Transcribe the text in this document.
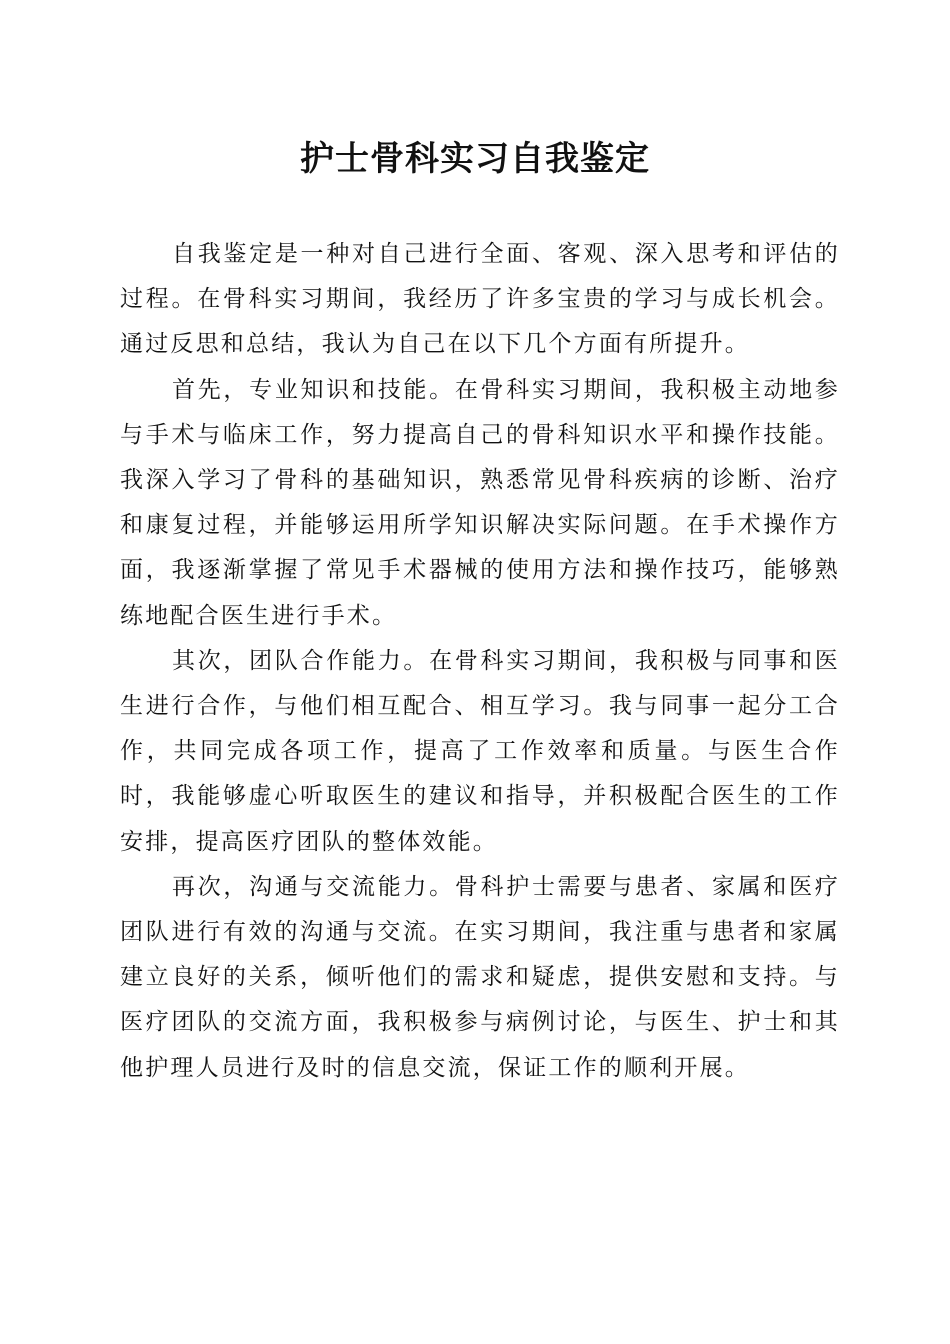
护士骨科实习自我鉴定

自我鉴定是一种对自己进行全面、客观、深入思考和评估的过程。在骨科实习期间，我经历了许多宝贵的学习与成长机会。通过反思和总结，我认为自己在以下几个方面有所提升。

首先，专业知识和技能。在骨科实习期间，我积极主动地参与手术与临床工作，努力提高自己的骨科知识水平和操作技能。我深入学习了骨科的基础知识，熟悉常见骨科疾病的诊断、治疗和康复过程，并能够运用所学知识解决实际问题。在手术操作方面，我逐渐掌握了常见手术器械的使用方法和操作技巧，能够熟练地配合医生进行手术。

其次，团队合作能力。在骨科实习期间，我积极与同事和医生进行合作，与他们相互配合、相互学习。我与同事一起分工合作，共同完成各项工作，提高了工作效率和质量。与医生合作时，我能够虚心听取医生的建议和指导，并积极配合医生的工作安排，提高医疗团队的整体效能。

再次，沟通与交流能力。骨科护士需要与患者、家属和医疗团队进行有效的沟通与交流。在实习期间，我注重与患者和家属建立良好的关系，倾听他们的需求和疑虑，提供安慰和支持。与医疗团队的交流方面，我积极参与病例讨论，与医生、护士和其他护理人员进行及时的信息交流，保证工作的顺利开展。
